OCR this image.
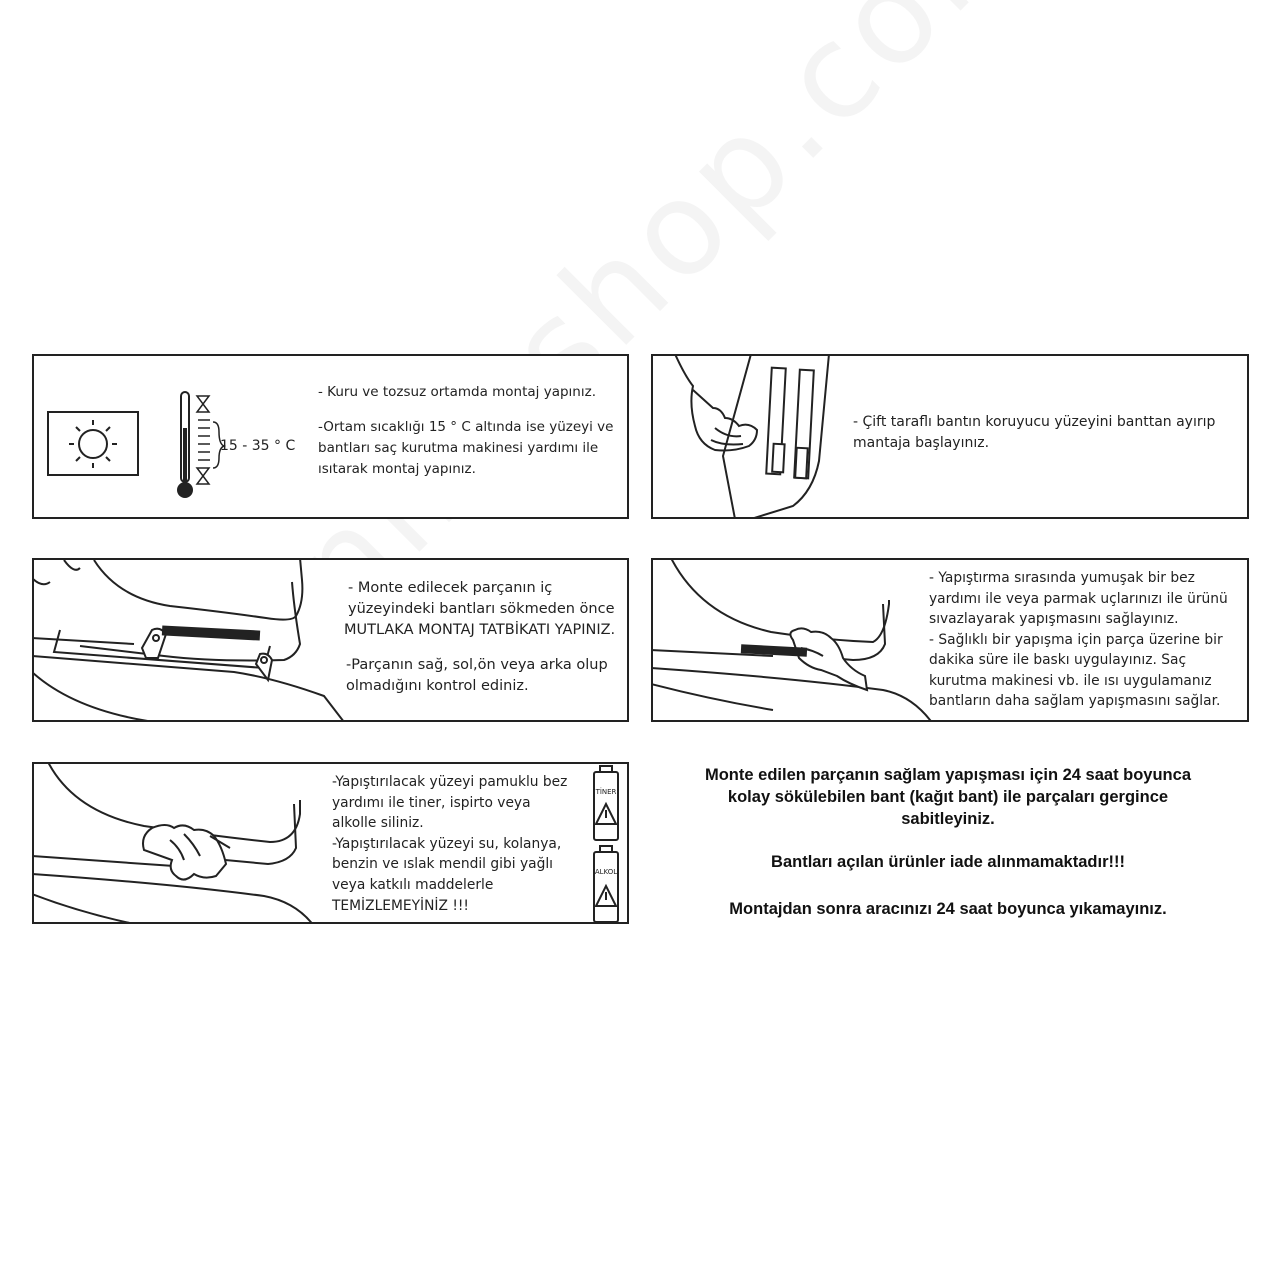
15 - 35 ° C

- Kuru ve tozsuz ortamda montaj yapınız.

-Ortam sıcaklığı 15 ° C altında ise yüzeyi ve

bantları saç kurutma makinesi yardımı ile

ısıtarak montaj yapınız.

- Çift taraflı bantın koruyucu yüzeyini banttan ayırıp

mantaja başlayınız.

- Monte edilecek parçanın iç

yüzeyindeki bantları sökmeden önce

MUTLAKA MONTAJ TATBİKATI YAPINIZ.

-Parçanın sağ, sol,ön veya arka olup

olmadığını kontrol ediniz.

- Yapıştırma sırasında yumuşak bir bez

yardımı ile veya parmak uçlarınızı ile ürünü

sıvazlayarak yapışmasını sağlayınız.

- Sağlıklı bir yapışma için parça üzerine bir

dakika süre ile baskı uygulayınız. Saç

kurutma makinesi vb. ile ısı uygulamanız

bantların daha sağlam yapışmasını sağlar.

TİNER
ALKOL

-Yapıştırılacak yüzeyi pamuklu bez

yardımı ile tiner, ispirto veya

alkolle siliniz.

-Yapıştırılacak yüzeyi su, kolanya,

benzin ve ıslak mendil gibi yağlı

veya katkılı maddelerle

TEMİZLEMEYİNİZ !!!

Monte edilen parçanın sağlam yapışması için 24 saat boyunca

kolay sökülebilen bant (kağıt bant) ile parçaları gergince

sabitleyiniz.

Bantları açılan ürünler iade alınmamaktadır!!!

Montajdan sonra aracınızı 24 saat boyunca yıkamayınız.
